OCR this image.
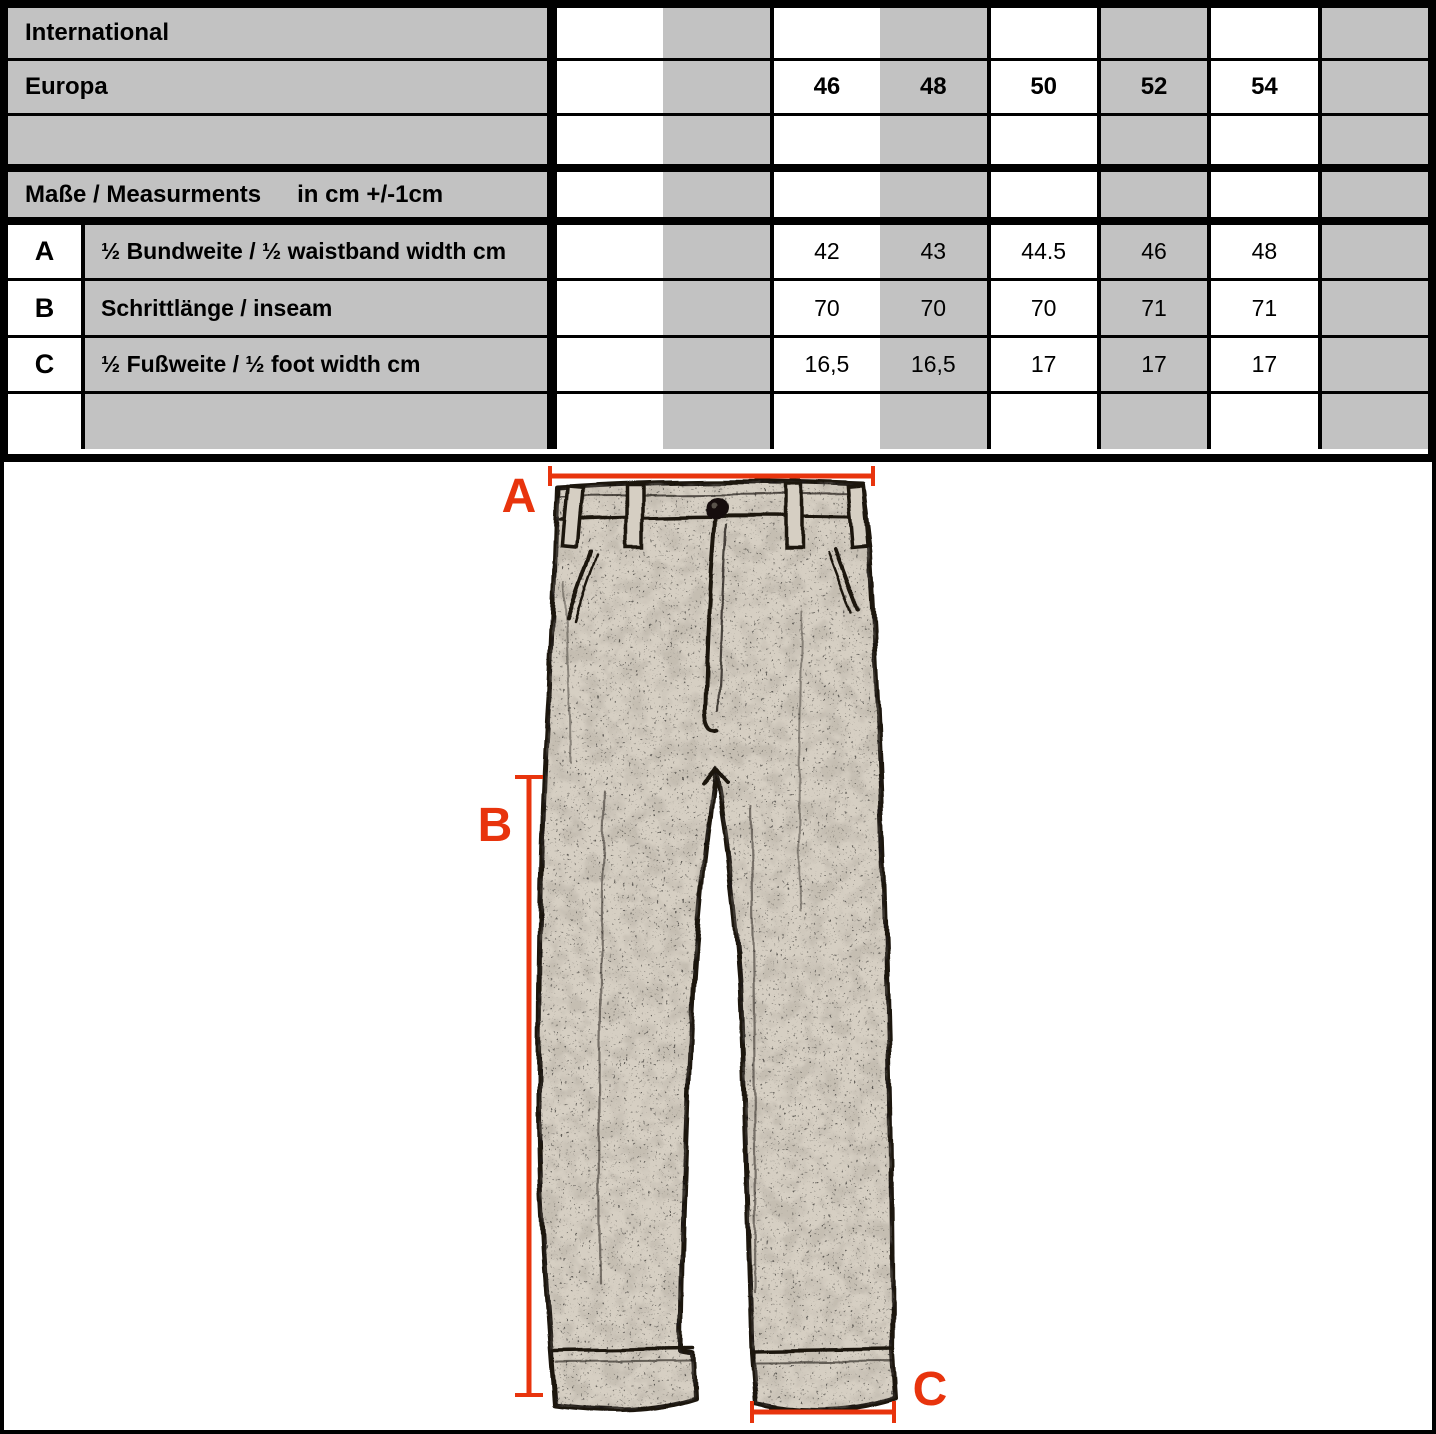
International
Europa	46	48	50	52	54
Maße / Measurments in cm +/-1cm
A	½ Bundweite / ½ waistband width cm	42	43	44.5	46	48
B	Schrittlänge / inseam	70	70	70	71	71
C	½ Fußweite / ½ foot width cm	16,5	16,5	17	17	17
A
B
C
